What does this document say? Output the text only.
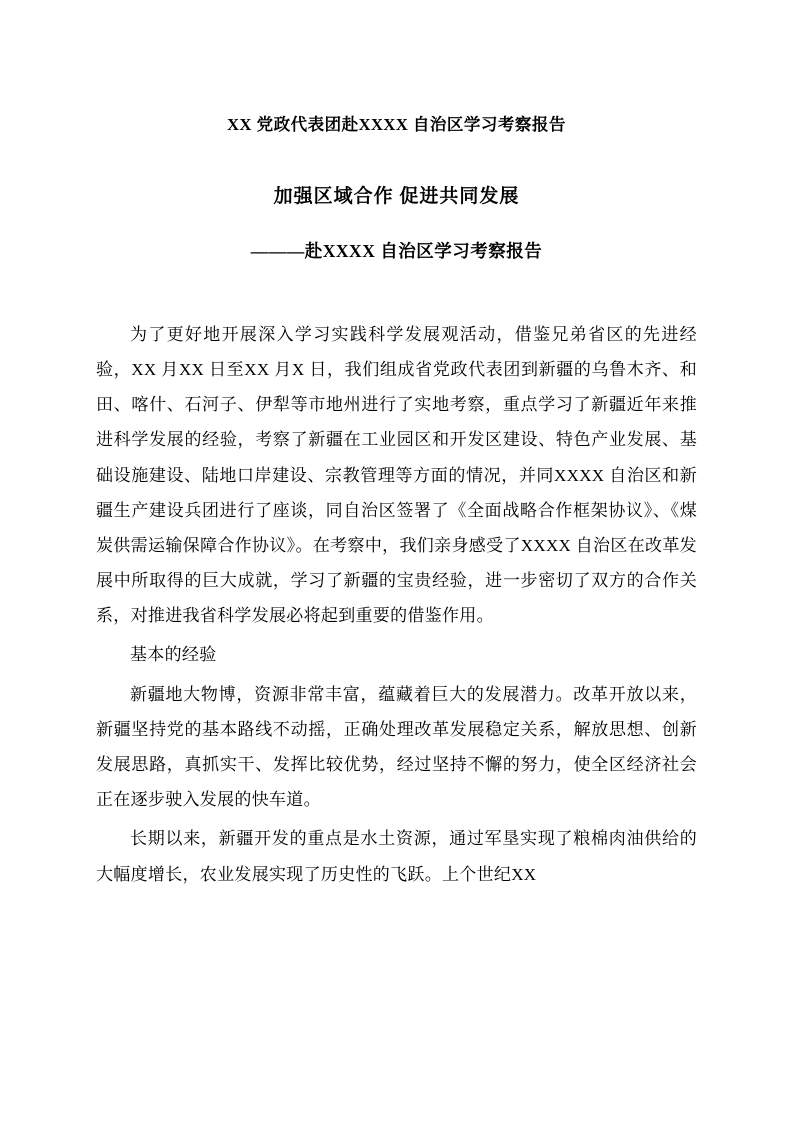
XX 党政代表团赴XXXX 自治区学习考察报告
加强区域合作 促进共同发展
———赴XXXX 自治区学习考察报告

为了更好地开展深入学习实践科学发展观活动，借鉴兄弟省区的先进经验，XX 月XX 日至XX 月X 日，我们组成省党政代表团到新疆的乌鲁木齐、和田、喀什、石河子、伊犁等市地州进行了实地考察，重点学习了新疆近年来推进科学发展的经验，考察了新疆在工业园区和开发区建设、特色产业发展、基础设施建设、陆地口岸建设、宗教管理等方面的情况，并同XXXX 自治区和新疆生产建设兵团进行了座谈，同自治区签署了《全面战略合作框架协议》、《煤炭供需运输保障合作协议》。在考察中，我们亲身感受了XXXX 自治区在改革发展中所取得的巨大成就，学习了新疆的宝贵经验，进一步密切了双方的合作关系，对推进我省科学发展必将起到重要的借鉴作用。

基本的经验

新疆地大物博，资源非常丰富，蕴藏着巨大的发展潜力。改革开放以来，新疆坚持党的基本路线不动摇，正确处理改革发展稳定关系，解放思想、创新发展思路，真抓实干、发挥比较优势，经过坚持不懈的努力，使全区经济社会正在逐步驶入发展的快车道。

长期以来，新疆开发的重点是水土资源，通过军垦实现了粮棉肉油供给的大幅度增长，农业发展实现了历史性的飞跃。上个世纪XX
